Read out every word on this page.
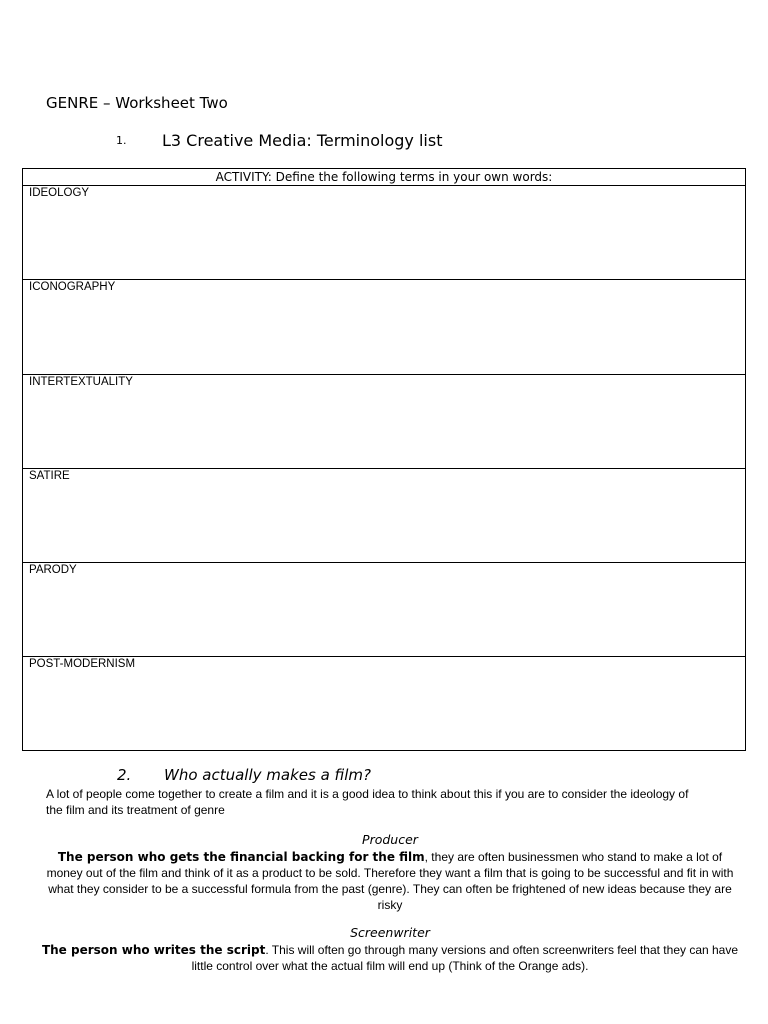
GENRE – Worksheet Two
1. L3 Creative Media: Terminology list
ACTIVITY: Define the following terms in your own words:
IDEOLOGY
ICONOGRAPHY
INTERTEXTUALITY
SATIRE
PARODY
POST-MODERNISM
2. Who actually makes a film?
A lot of people come together to create a film and it is a good idea to think about this if you are to consider the ideology of the film and its treatment of genre
Producer
The person who gets the financial backing for the film, they are often businessmen who stand to make a lot of money out of the film and think of it as a product to be sold. Therefore they want a film that is going to be successful and fit in with what they consider to be a successful formula from the past (genre). They can often be frightened of new ideas because they are risky
Screenwriter
The person who writes the script. This will often go through many versions and often screenwriters feel that they can have little control over what the actual film will end up (Think of the Orange ads).
